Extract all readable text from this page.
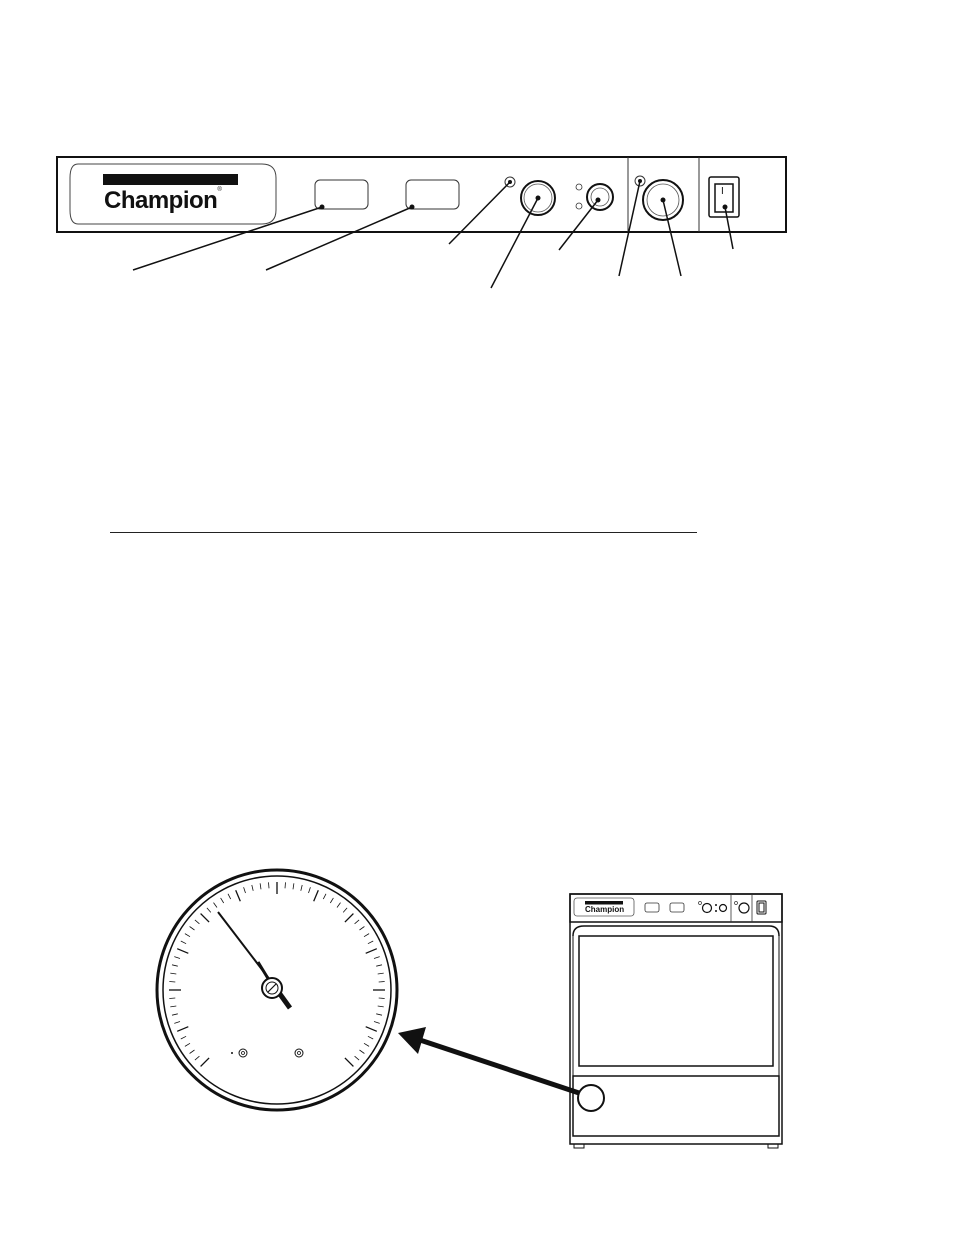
Champion®	I
Champion
